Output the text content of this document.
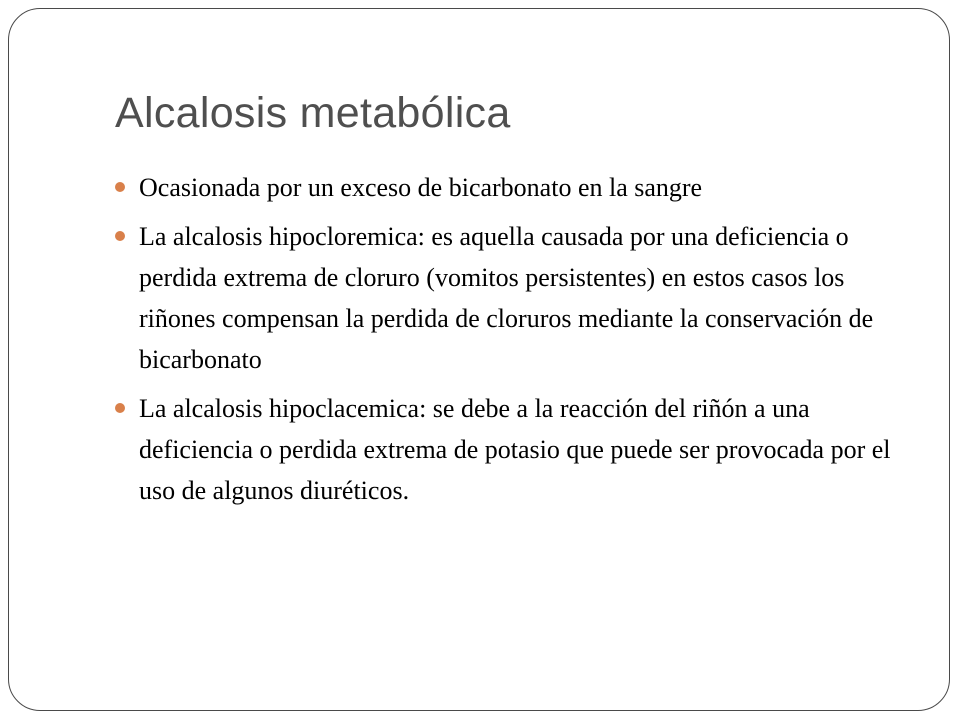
Alcalosis metabólica
Ocasionada por un exceso de bicarbonato en la sangre
La alcalosis hipocloremica: es aquella causada por una deficiencia o perdida extrema de cloruro (vomitos persistentes) en estos casos los riñones compensan la perdida de cloruros mediante la conservación de bicarbonato
La alcalosis hipoclacemica: se debe a la reacción del riñón a una deficiencia o perdida extrema de potasio que puede ser provocada por el uso de algunos diuréticos.
